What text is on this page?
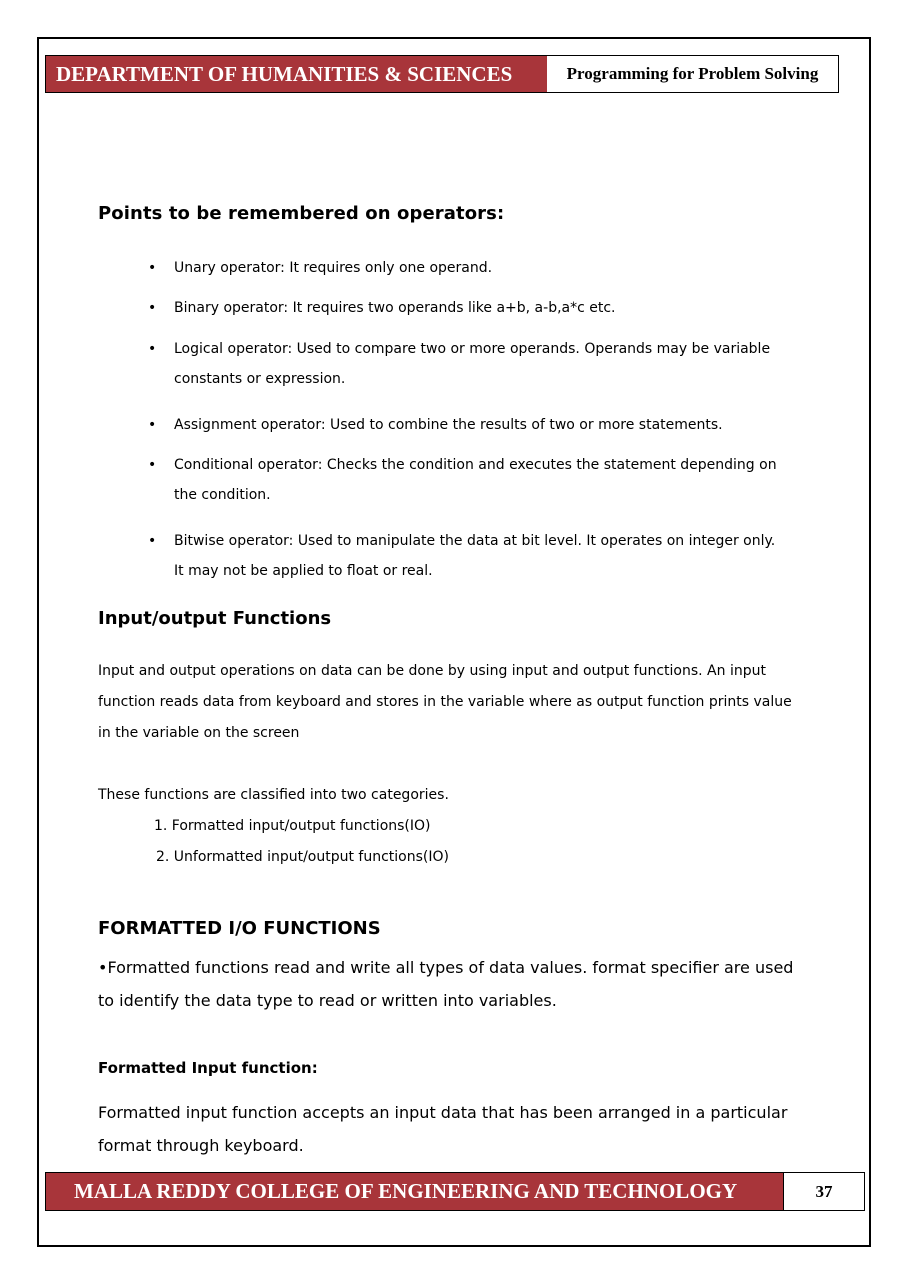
DEPARTMENT OF HUMANITIES & SCIENCES	Programming for Problem Solving
Points to be remembered on operators:
• Unary operator: It requires only one operand.
• Binary operator: It requires two operands like a+b, a-b,a*c etc.
• Logical operator: Used to compare two or more operands. Operands may be variable constants or expression.
• Assignment operator: Used to combine the results of two or more statements.
• Conditional operator: Checks the condition and executes the statement depending on the condition.
• Bitwise operator: Used to manipulate the data at bit level. It operates on integer only. It may not be applied to float or real.
Input/output Functions
Input and output operations on data can be done by using input and output functions. An input function reads data from keyboard and stores in the variable where as output function prints value in the variable on the screen
These functions are classified into two categories.
1. Formatted input/output functions(IO)
2. Unformatted input/output functions(IO)
FORMATTED I/O FUNCTIONS
•Formatted functions read and write all types of data values. format specifier are used to identify the data type to read or written into variables.
Formatted Input function:
Formatted input function accepts an input data that has been arranged in a particular format through keyboard.
MALLA REDDY COLLEGE OF ENGINEERING AND TECHNOLOGY	37
